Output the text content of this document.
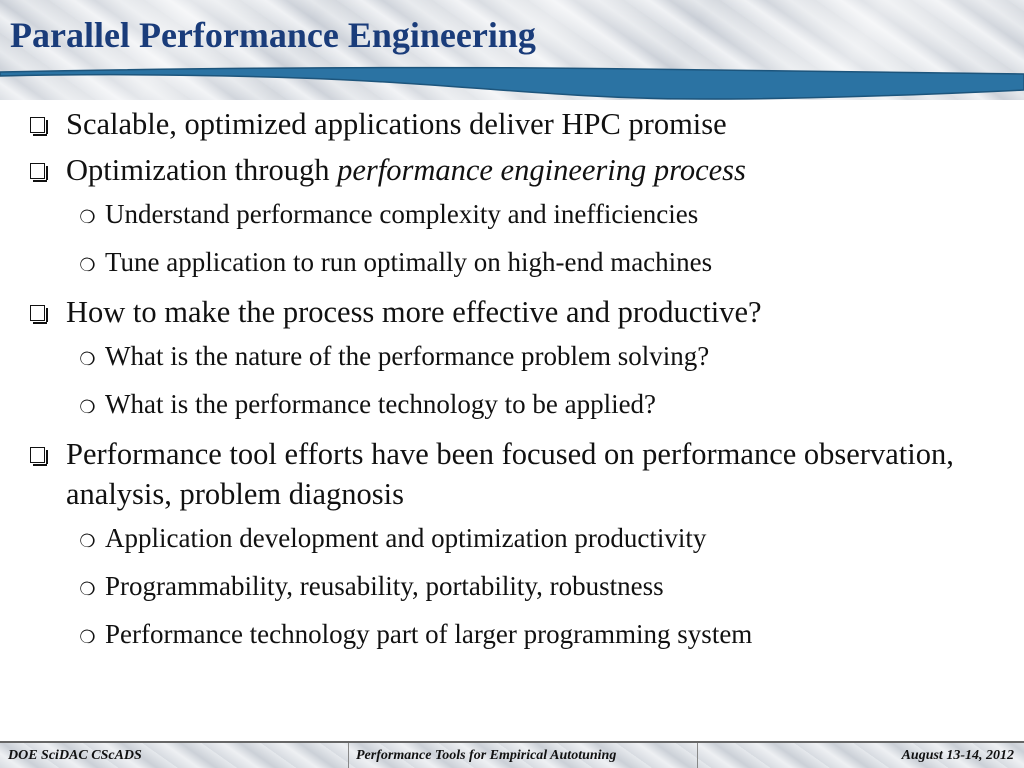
Parallel Performance Engineering
Scalable, optimized applications deliver HPC promise
Optimization through performance engineering process
❍ Understand performance complexity and inefficiencies
❍ Tune application to run optimally on high-end machines
How to make the process more effective and productive?
❍ What is the nature of the performance problem solving?
❍ What is the performance technology to be applied?
Performance tool efforts have been focused on performance observation, analysis, problem diagnosis
❍ Application development and optimization productivity
❍ Programmability, reusability, portability, robustness
❍ Performance technology part of larger programming system
DOE SciDAC CScADS	Performance Tools for Empirical Autotuning	August 13-14, 2012
